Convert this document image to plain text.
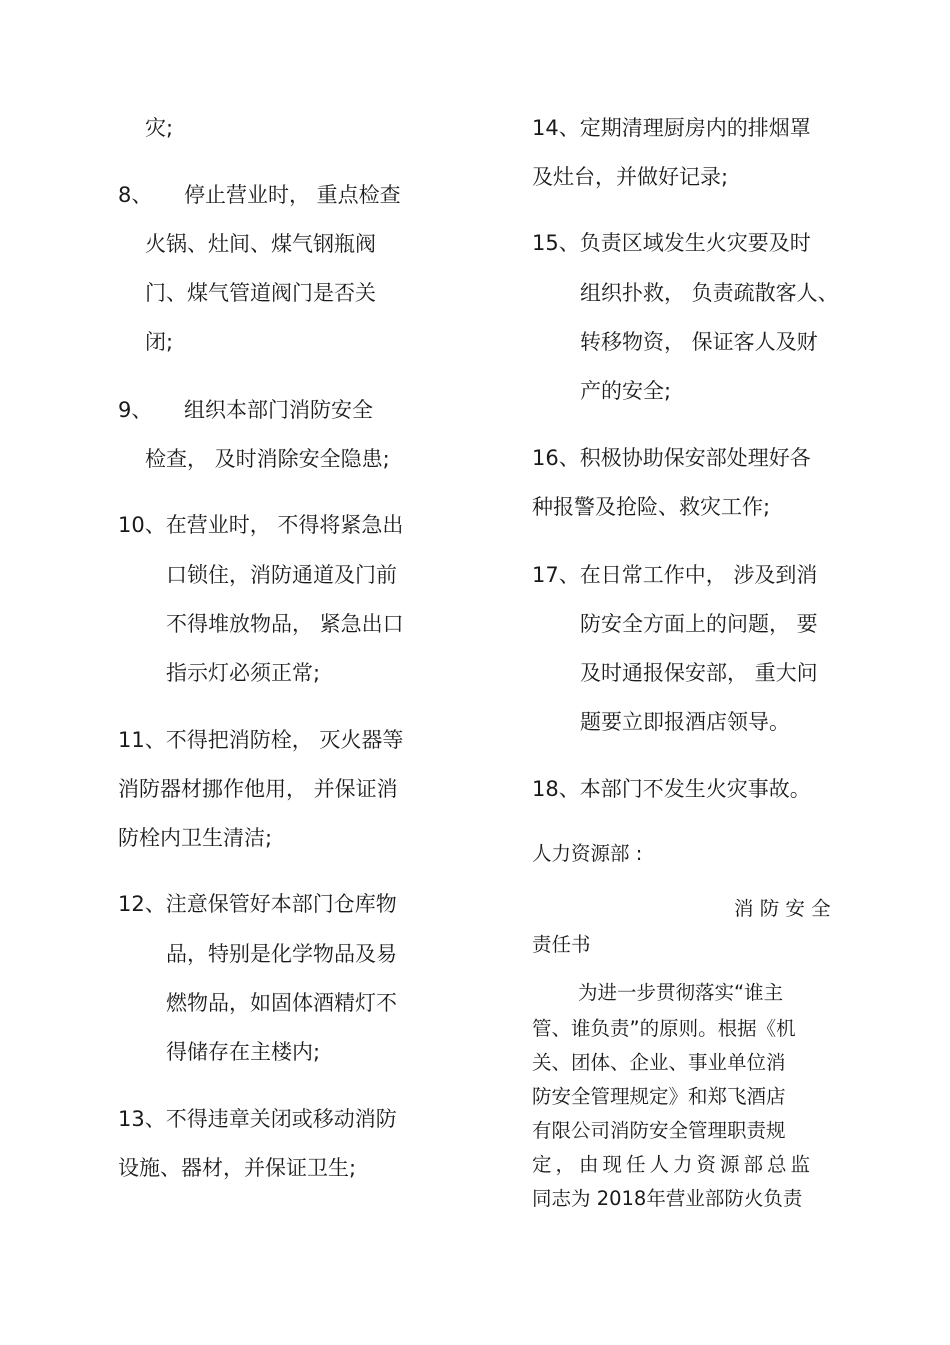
灾;
8、 停止营业时， 重点检查
火锅、灶间、煤气钢瓶阀
门、煤气管道阀门是否关
闭;
9、 组织本部门消防安全
检查， 及时消除安全隐患;
10、在营业时， 不得将紧急出
口锁住，消防通道及门前
不得堆放物品， 紧急出口
指示灯必须正常;
11、不得把消防栓， 灭火器等
消防器材挪作他用， 并保证消
防栓内卫生清洁;
12、注意保管好本部门仓库物
品，特别是化学物品及易
燃物品，如固体酒精灯不
得储存在主楼内;
13、不得违章关闭或移动消防
设施、器材，并保证卫生;
14、定期清理厨房内的排烟罩
及灶台，并做好记录;
15、负责区域发生火灾要及时
组织扑救， 负责疏散客人、
转移物资， 保证客人及财
产的安全;
16、积极协助保安部处理好各
种报警及抢险、救灾工作;
17、在日常工作中， 涉及到消
防安全方面上的问题， 要
及时通报保安部， 重大问
题要立即报酒店领导。
18、本部门不发生火灾事故。
人力资源部 :
消 防 安 全
责任书
为进一步贯彻落实“谁主
管、谁负责”的原则。根据《机
关、团体、企业、事业单位消
防安全管理规定》和郑飞酒店
有限公司消防安全管理职责规
定，由现任人力资源部总监
同志为 2018年营业部防火负责
